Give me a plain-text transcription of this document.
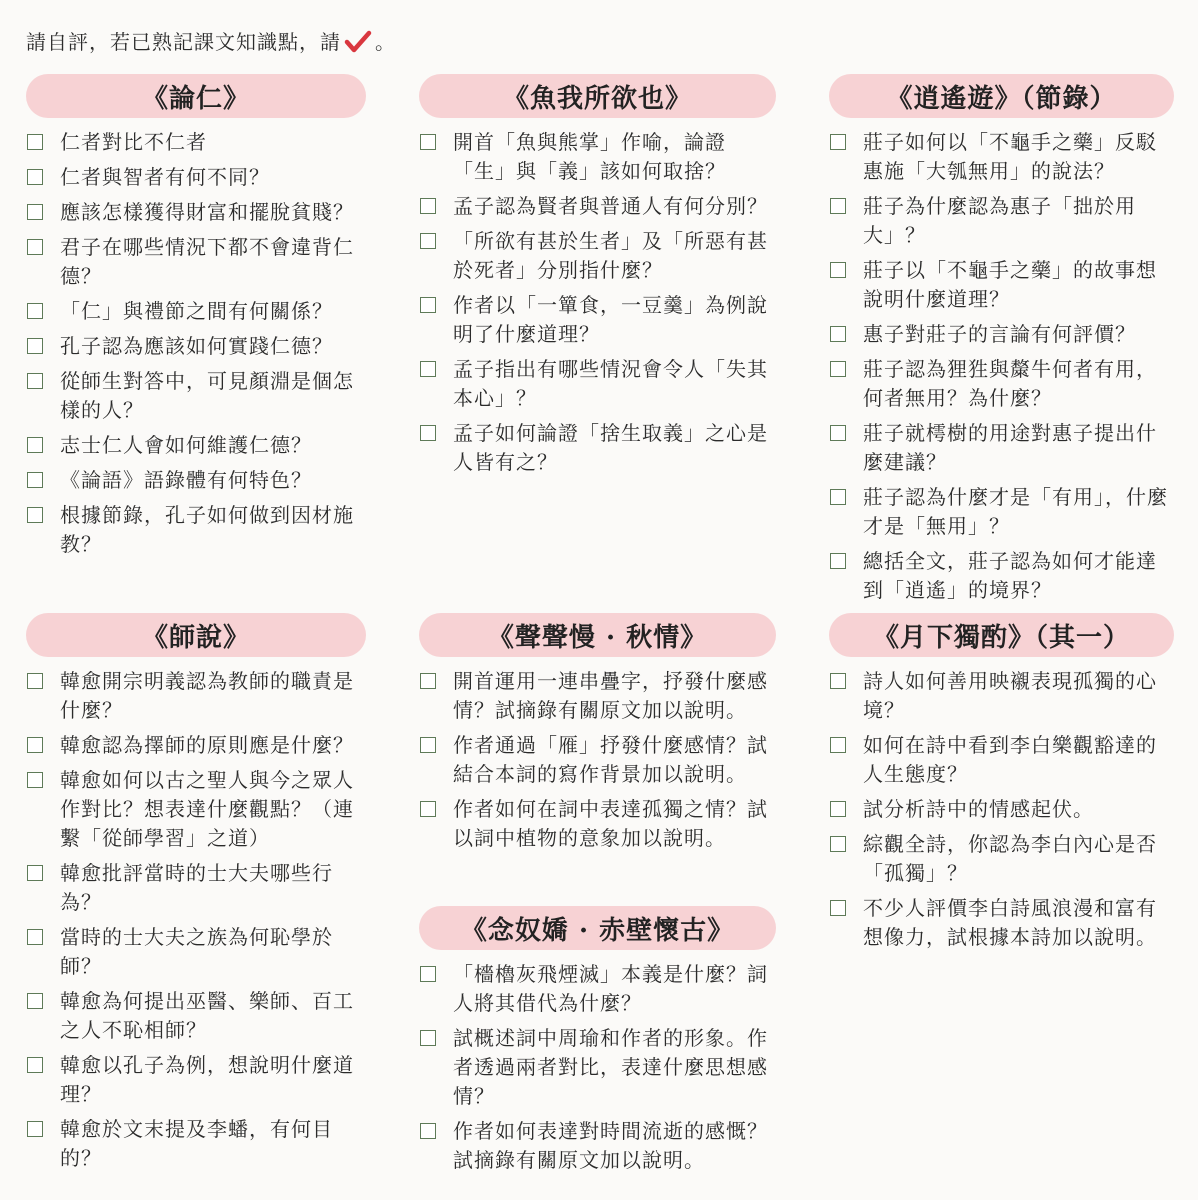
請自評，若已熟記課文知識點，請 。
《論仁》
仁者對比不仁者
仁者與智者有何不同？
應該怎樣獲得財富和擺脫貧賤？
君子在哪些情況下都不會違背仁德？
「仁」與禮節之間有何關係？
孔子認為應該如何實踐仁德？
從師生對答中，可見顏淵是個怎樣的人？
志士仁人會如何維護仁德？
《論語》語錄體有何特色？
根據節錄，孔子如何做到因材施教？
《魚我所欲也》
開首「魚與熊掌」作喻，論證「生」與「義」該如何取捨？
孟子認為賢者與普通人有何分別？
「所欲有甚於生者」及「所惡有甚於死者」分別指什麼？
作者以「一簞食，一豆羹」為例說明了什麼道理？
孟子指出有哪些情況會令人「失其本心」？
孟子如何論證「捨生取義」之心是人皆有之？
《逍遙遊》（節錄）
莊子如何以「不龜手之藥」反駁惠施「大瓠無用」的說法？
莊子為什麼認為惠子「拙於用大」？
莊子以「不龜手之藥」的故事想說明什麼道理？
惠子對莊子的言論有何評價？
莊子認為狸狌與斄牛何者有用，何者無用？為什麼？
莊子就樗樹的用途對惠子提出什麼建議？
莊子認為什麼才是「有用」，什麼才是「無用」？
總括全文，莊子認為如何才能達到「逍遙」的境界？
《師說》
韓愈開宗明義認為教師的職責是什麼？
韓愈認為擇師的原則應是什麼？
韓愈如何以古之聖人與今之眾人作對比？想表達什麼觀點？（連繫「從師學習」之道）
韓愈批評當時的士大夫哪些行為？
當時的士大夫之族為何恥學於師？
韓愈為何提出巫醫、樂師、百工之人不恥相師？
韓愈以孔子為例，想說明什麼道理？
韓愈於文末提及李蟠，有何目的？
《聲聲慢 · 秋情》
開首運用一連串疊字，抒發什麼感情？試摘錄有關原文加以說明。
作者通過「雁」抒發什麼感情？試結合本詞的寫作背景加以說明。
作者如何在詞中表達孤獨之情？試以詞中植物的意象加以說明。
《念奴嬌 · 赤壁懷古》
「檣櫓灰飛煙滅」本義是什麼？詞人將其借代為什麼？
試概述詞中周瑜和作者的形象。作者透過兩者對比，表達什麼思想感情？
作者如何表達對時間流逝的感慨？試摘錄有關原文加以說明。
《月下獨酌》（其一）
詩人如何善用映襯表現孤獨的心境？
如何在詩中看到李白樂觀豁達的人生態度？
試分析詩中的情感起伏。
綜觀全詩，你認為李白內心是否「孤獨」？
不少人評價李白詩風浪漫和富有想像力，試根據本詩加以說明。
